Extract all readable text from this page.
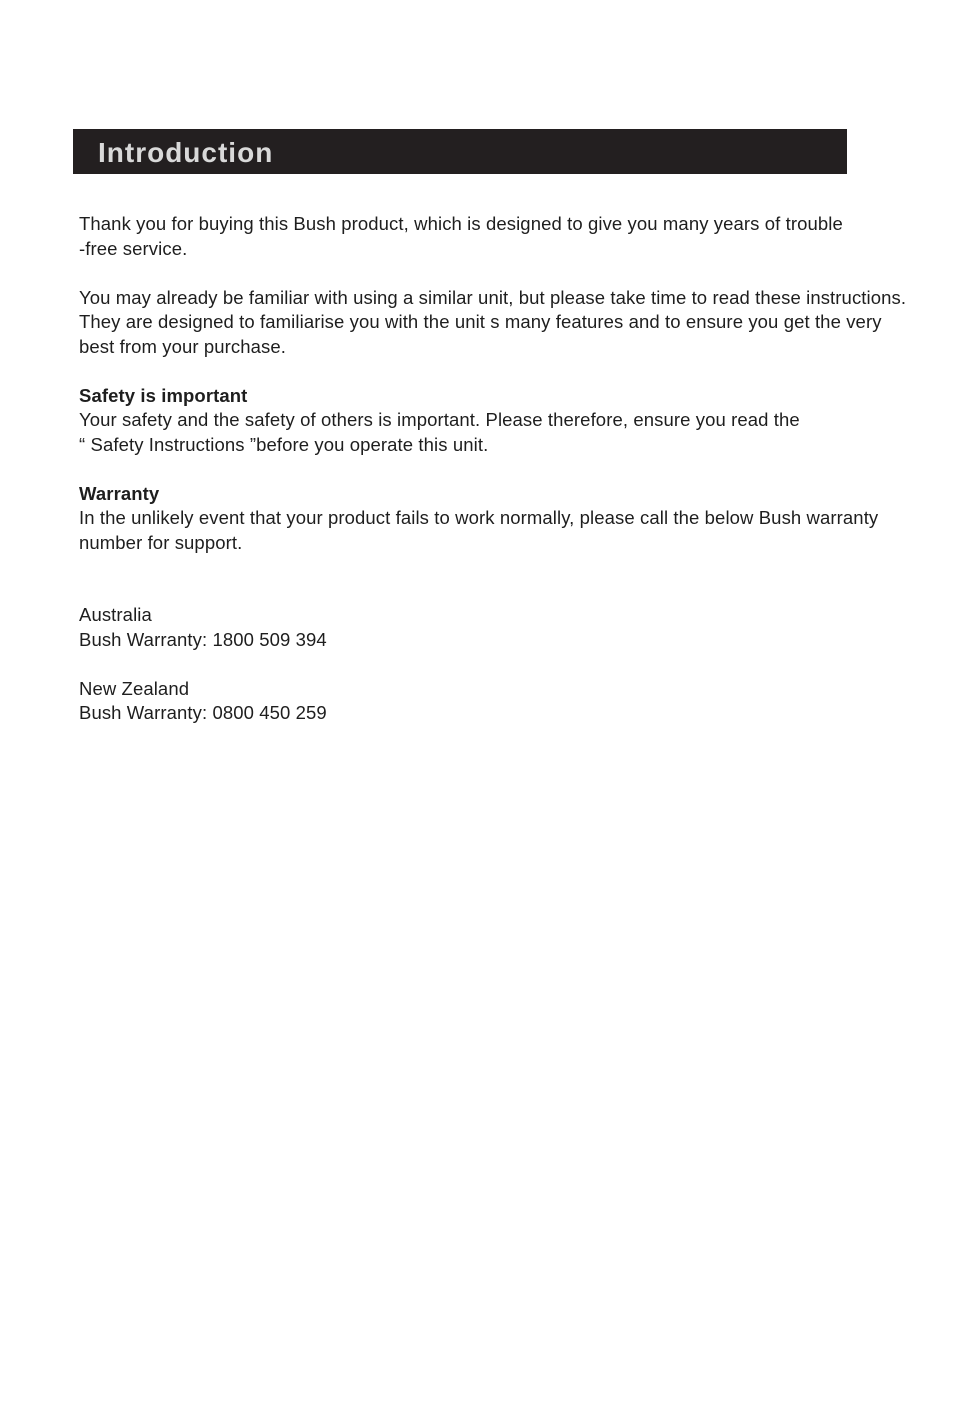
Introduction
Thank you for buying this Bush product, which is designed to give you many years of trouble
-free service.
You may already be familiar with using a similar unit, but please take time to read these instructions.
They are designed to familiarise you with the unit s many features and to ensure you get the very
best from your purchase.
Safety is important
Your safety and the safety of others is important. Please therefore, ensure you read the
“ Safety Instructions ”before you operate this unit.
Warranty
In the unlikely event that your product fails to work normally, please call the below Bush warranty
number for support.
Australia
Bush Warranty: 1800 509 394
New Zealand
Bush Warranty: 0800 450 259
